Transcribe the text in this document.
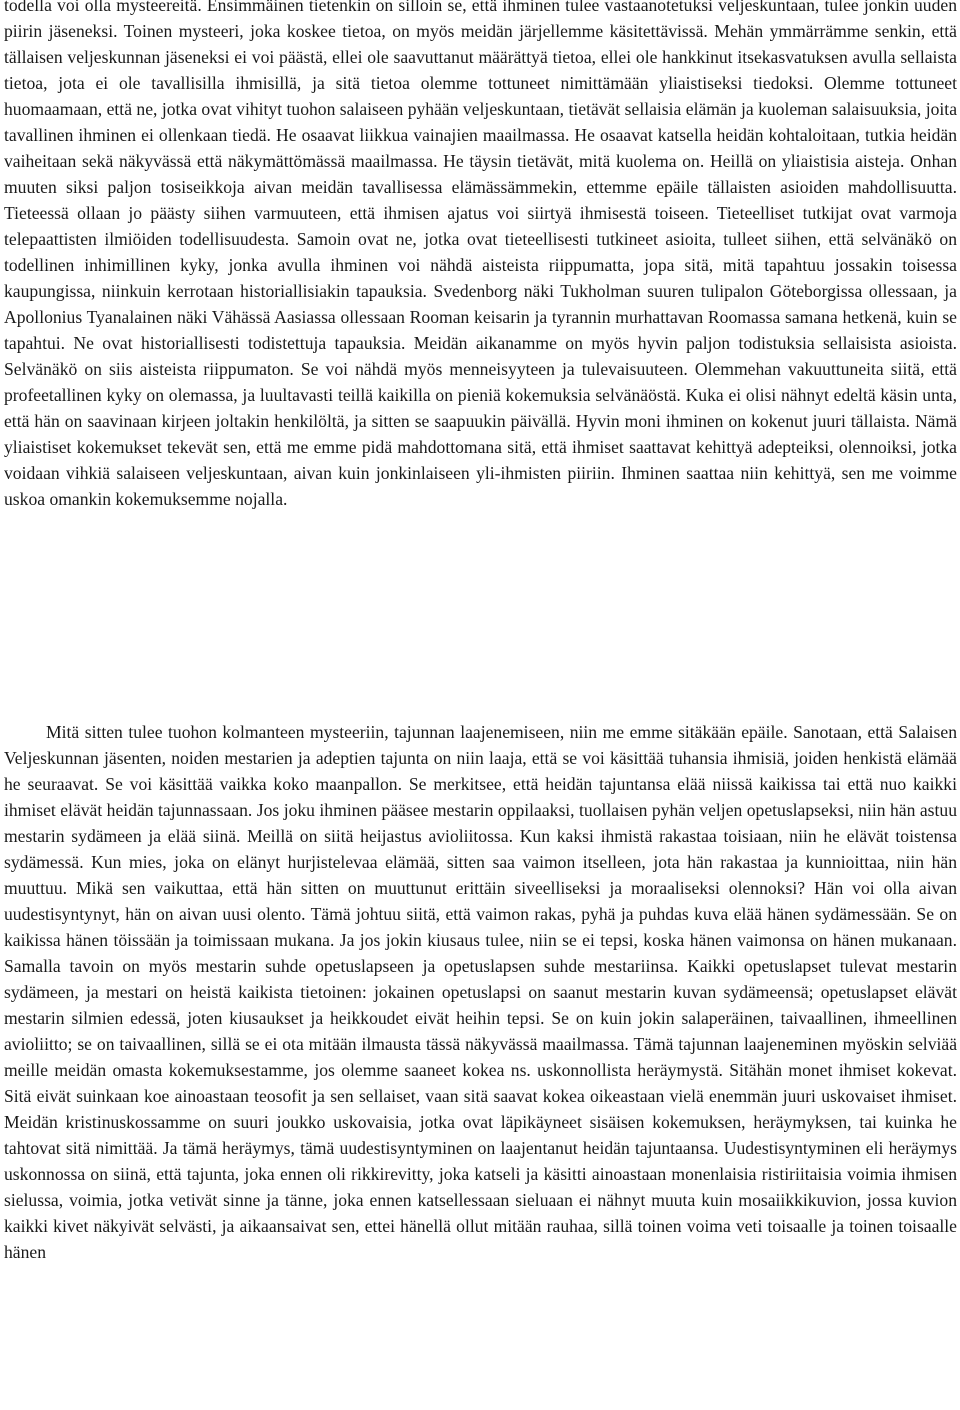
todella voi olla mysteereitä. Ensimmäinen tietenkin on silloin se, että ihminen tulee vastaanotetuksi veljeskuntaan, tulee jonkin uuden piirin jäseneksi. Toinen mysteeri, joka koskee tietoa, on myös meidän järjellemme käsitettävissä. Mehän ymmärrämme senkin, että tällaisen veljeskunnan jäseneksi ei voi päästä, ellei ole saavuttanut määrättyä tietoa, ellei ole hankkinut itsekasvatuksen avulla sellaista tietoa, jota ei ole tavallisilla ihmisillä, ja sitä tietoa olemme tottuneet nimittämään yliaistiseksi tiedoksi. Olemme tottuneet huomaamaan, että ne, jotka ovat vihityt tuohon salaiseen pyhään veljeskuntaan, tietävät sellaisia elämän ja kuoleman salaisuuksia, joita tavallinen ihminen ei ollenkaan tiedä. He osaavat liikkua vainajien maailmassa. He osaavat katsella heidän kohtaloitaan, tutkia heidän vaiheitaan sekä näkyvässä että näkymättömässä maailmassa. He täysin tietävät, mitä kuolema on. Heillä on yliaistisia aisteja. Onhan muuten siksi paljon tosiseikkoja aivan meidän tavallisessa elämässämmekin, ettemme epäile tällaisten asioiden mahdollisuutta. Tieteessä ollaan jo päästy siihen varmuuteen, että ihmisen ajatus voi siirtyä ihmisestä toiseen. Tieteelliset tutkijat ovat varmoja telepaattisten ilmiöiden todellisuudesta. Samoin ovat ne, jotka ovat tieteellisesti tutkineet asioita, tulleet siihen, että selvänäkö on todellinen inhimillinen kyky, jonka avulla ihminen voi nähdä aisteista riippumatta, jopa sitä, mitä tapahtuu jossakin toisessa kaupungissa, niinkuin kerrotaan historiallisiakin tapauksia. Svedenborg näki Tukholman suuren tulipalon Göteborgissa ollessaan, ja Apollonius Tyanalainen näki Vähässä Aasiassa ollessaan Rooman keisarin ja tyrannin murhattavan Roomassa samana hetkenä, kuin se tapahtui. Ne ovat historiallisesti todistettuja tapauksia. Meidän aikanamme on myös hyvin paljon todistuksia sellaisista asioista. Selvänäkö on siis aisteista riippumaton. Se voi nähdä myös menneisyyteen ja tulevaisuuteen. Olemmehan vakuuttuneita siitä, että profeetallinen kyky on olemassa, ja luultavasti teillä kaikilla on pieniä kokemuksia selvänäöstä. Kuka ei olisi nähnyt edeltä käsin unta, että hän on saavinaan kirjeen joltakin henkilöltä, ja sitten se saapuukin päivällä. Hyvin moni ihminen on kokenut juuri tällaista. Nämä yliaistiset kokemukset tekevät sen, että me emme pidä mahdottomana sitä, että ihmiset saattavat kehittyä adepteiksi, olennoiksi, jotka voidaan vihkiä salaiseen veljeskuntaan, aivan kuin jonkinlaiseen yli-ihmisten piiriin. Ihminen saattaa niin kehittyä, sen me voimme uskoa omankin kokemuksemme nojalla.

Mitä sitten tulee tuohon kolmanteen mysteeriin, tajunnan laajenemiseen, niin me emme sitäkään epäile. Sanotaan, että Salaisen Veljeskunnan jäsenten, noiden mestarien ja adeptien tajunta on niin laaja, että se voi käsittää tuhansia ihmisiä, joiden henkistä elämää he seuraavat. Se voi käsittää vaikka koko maanpallon. Se merkitsee, että heidän tajuntansa elää niissä kaikissa tai että nuo kaikki ihmiset elävät heidän tajunnassaan. Jos joku ihminen pääsee mestarin oppilaaksi, tuollaisen pyhän veljen opetuslapseksi, niin hän astuu mestarin sydämeen ja elää siinä. Meillä on siitä heijastus avioliitossa. Kun kaksi ihmistä rakastaa toisiaan, niin he elävät toistensa sydämessä. Kun mies, joka on elänyt hurjistelevaa elämää, sitten saa vaimon itselleen, jota hän rakastaa ja kunnioittaa, niin hän muuttuu. Mikä sen vaikuttaa, että hän sitten on muuttunut erittäin siveelliseksi ja moraaliseksi olennoksi? Hän voi olla aivan uudestisyntynyt, hän on aivan uusi olento. Tämä johtuu siitä, että vaimon rakas, pyhä ja puhdas kuva elää hänen sydämessään. Se on kaikissa hänen töissään ja toimissaan mukana. Ja jos jokin kiusaus tulee, niin se ei tepsi, koska hänen vaimonsa on hänen mukanaan. Samalla tavoin on myös mestarin suhde opetuslapseen ja opetuslapsen suhde mestariinsa. Kaikki opetuslapset tulevat mestarin sydämeen, ja mestari on heistä kaikista tietoinen: jokainen opetuslapsi on saanut mestarin kuvan sydämeensä; opetuslapset elävät mestarin silmien edessä, joten kiusaukset ja heikkoudet eivät heihin tepsi. Se on kuin jokin salaperäinen, taivaallinen, ihmeellinen avioliitto; se on taivaallinen, sillä se ei ota mitään ilmausta tässä näkyvässä maailmassa. Tämä tajunnan laajeneminen myöskin selviää meille meidän omasta kokemuksestamme, jos olemme saaneet kokea ns. uskonnollista heräymystä. Sitähän monet ihmiset kokevat. Sitä eivät suinkaan koe ainoastaan teosofit ja sen sellaiset, vaan sitä saavat kokea oikeastaan vielä enemmän juuri uskovaiset ihmiset. Meidän kristinuskossamme on suuri joukko uskovaisia, jotka ovat läpikäyneet sisäisen kokemuksen, heräymyksen, tai kuinka he tahtovat sitä nimittää. Ja tämä heräymys, tämä uudestisyntyminen on laajentanut heidän tajuntaansa. Uudestisyntyminen eli heräymys uskonnossa on siinä, että tajunta, joka ennen oli rikkirevitty, joka katseli ja käsitti ainoastaan monenlaisia ristiriitaisia voimia ihmisen sielussa, voimia, jotka vetivät sinne ja tänne, joka ennen katsellessaan sieluaan ei nähnyt muuta kuin mosaiikkikuvion, jossa kuvion kaikki kivet näkyivät selvästi, ja aikaansaivat sen, ettei hänellä ollut mitään rauhaa, sillä toinen voima veti toisaalle ja toinen toisaalle hänen
